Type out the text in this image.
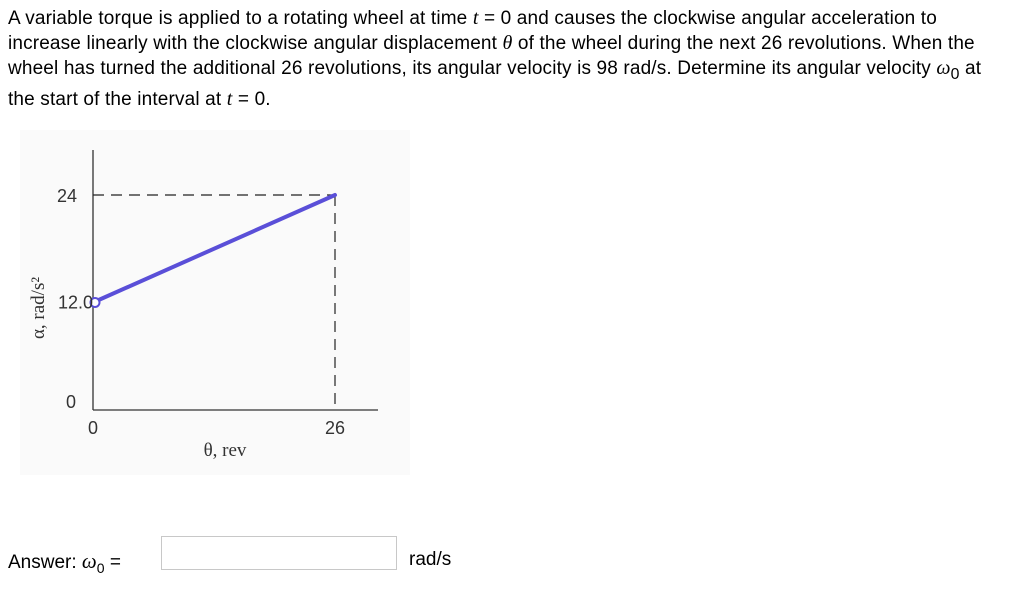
A variable torque is applied to a rotating wheel at time t = 0 and causes the clockwise angular acceleration to increase linearly with the clockwise angular displacement θ of the wheel during the next 26 revolutions. When the wheel has turned the additional 26 revolutions, its angular velocity is 98 rad/s. Determine its angular velocity $\omega_0$ at the start of the interval at t = 0.

0
12.0
24
0	26
θ, rev
α, rad/s²
Answer: $\omega_0$ =	rad/s
